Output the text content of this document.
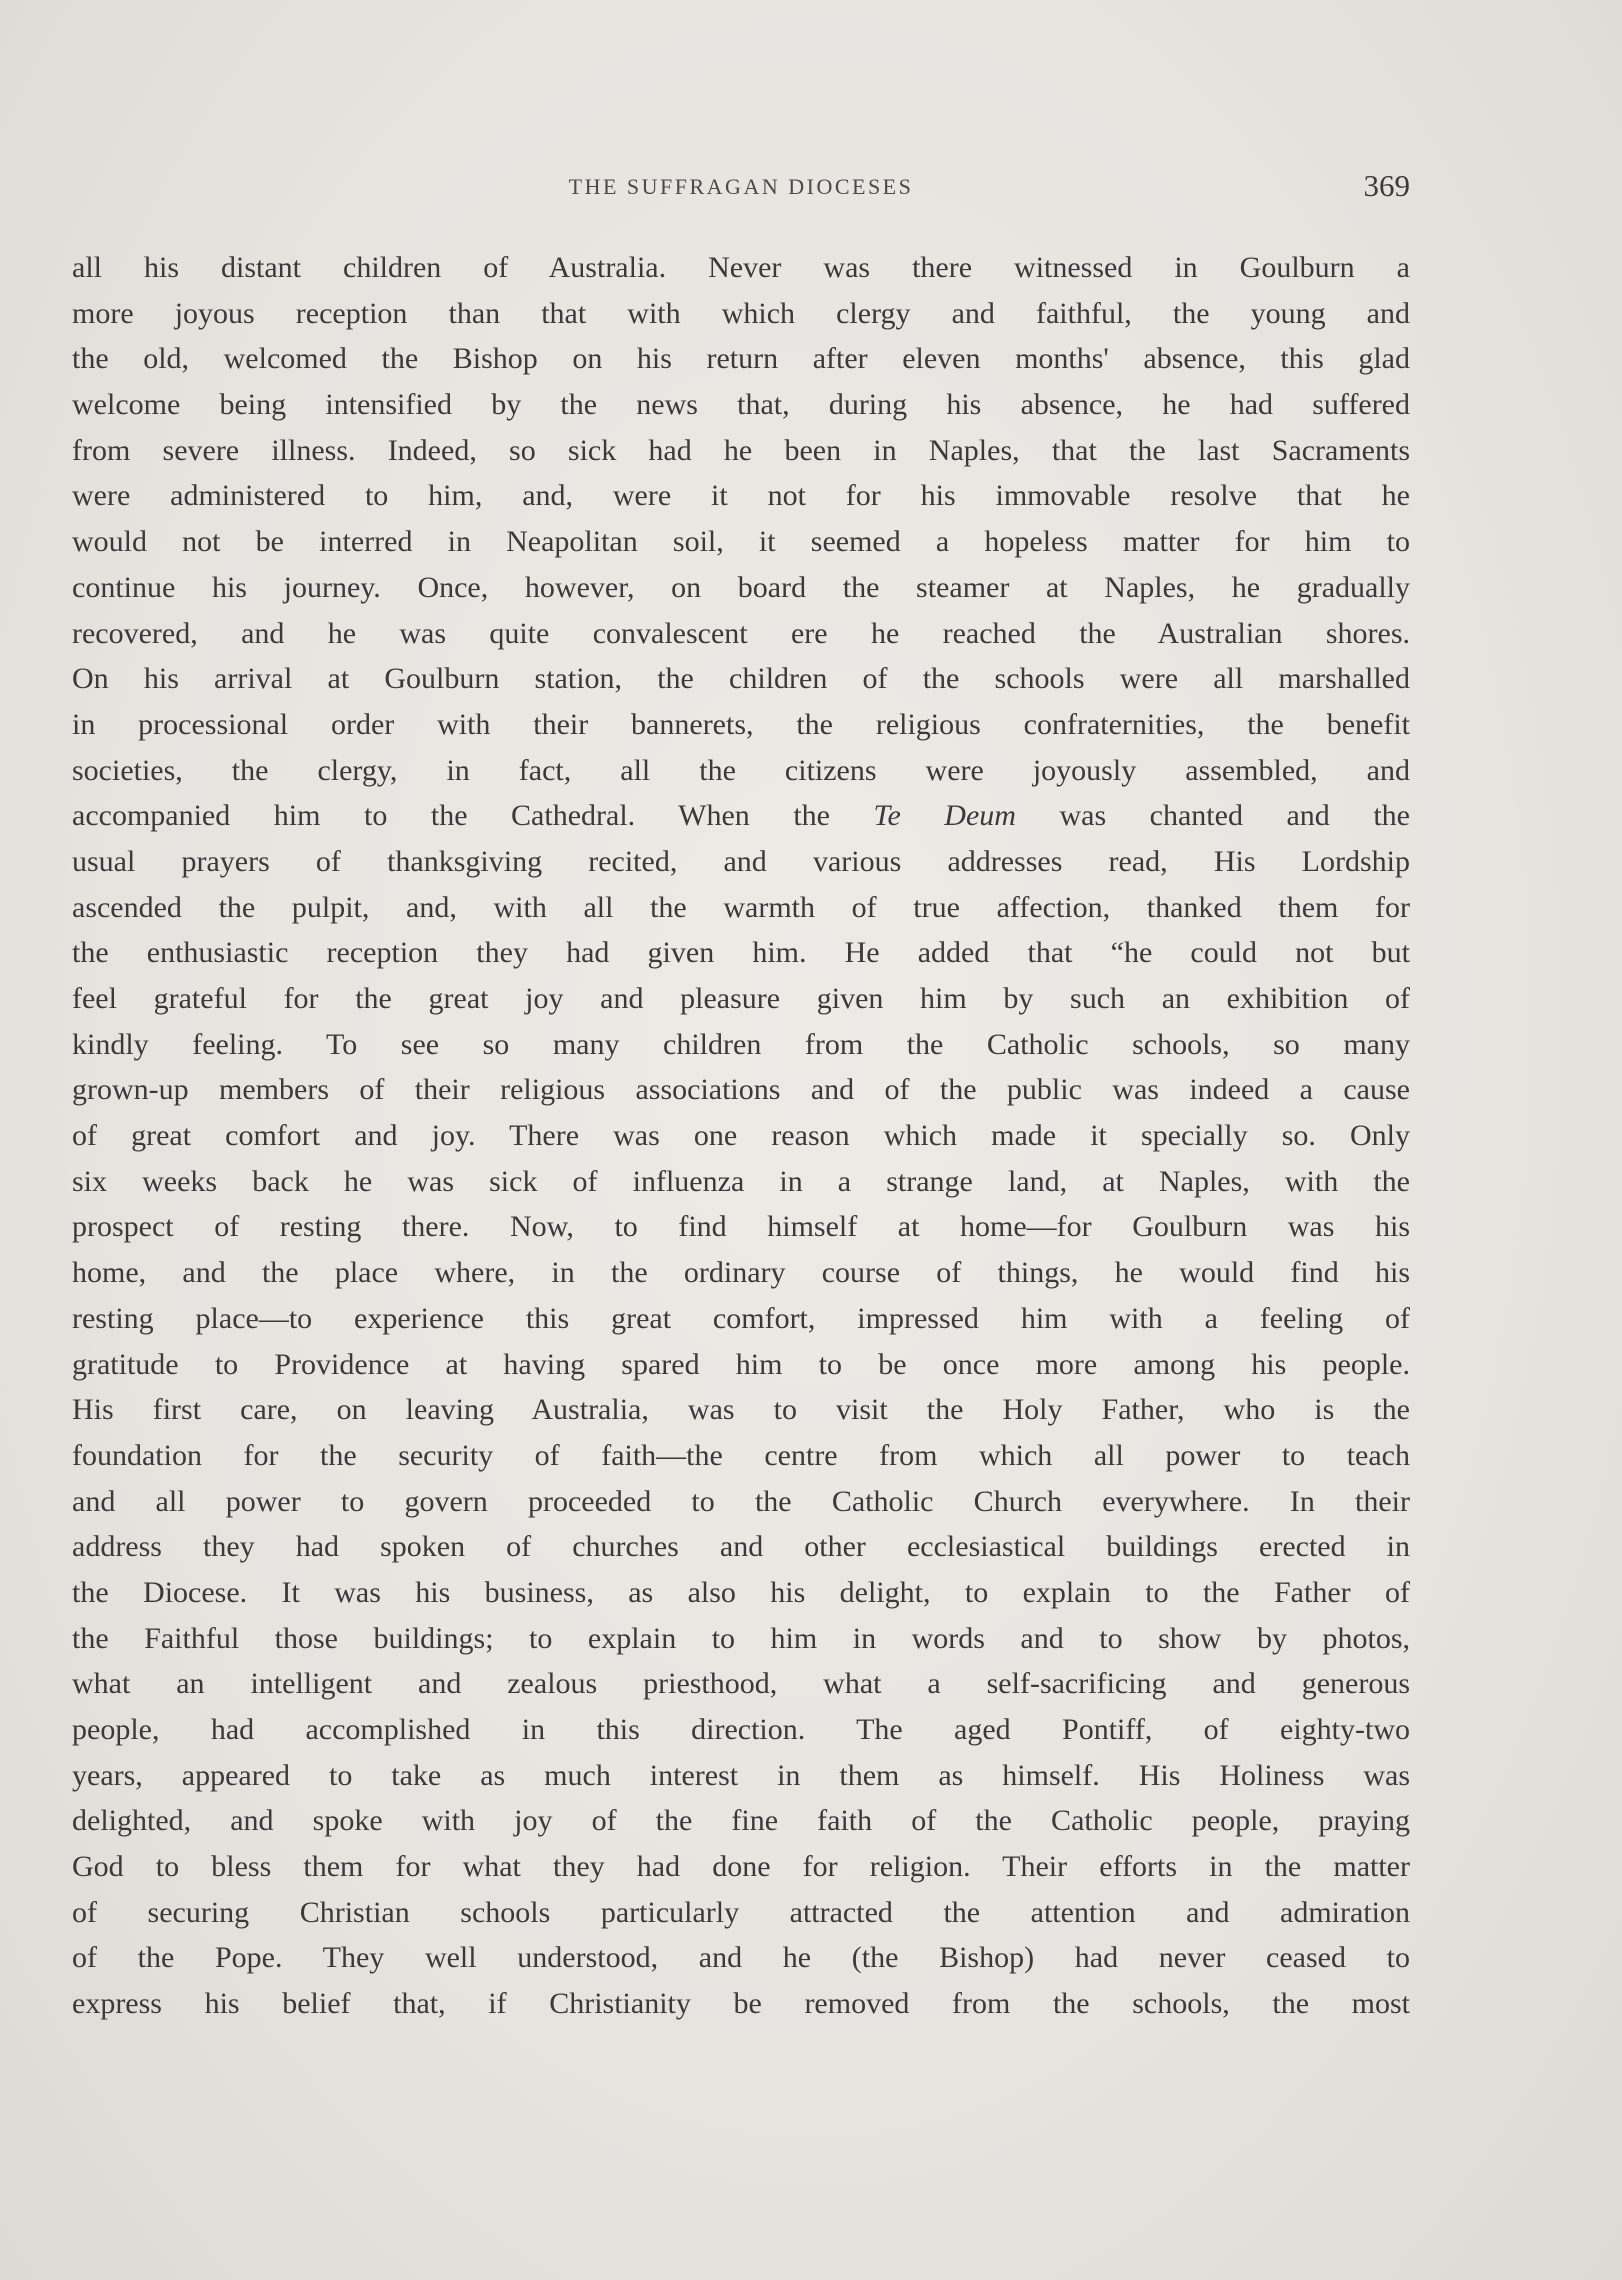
THE SUFFRAGAN DIOCESES	369
all his distant children of Australia. Never was there witnessed in Goulburn a
more joyous reception than that with which clergy and faithful, the young and
the old, welcomed the Bishop on his return after eleven months' absence, this glad
welcome being intensified by the news that, during his absence, he had suffered
from severe illness. Indeed, so sick had he been in Naples, that the last Sacraments
were administered to him, and, were it not for his immovable resolve that he
would not be interred in Neapolitan soil, it seemed a hopeless matter for him to
continue his journey. Once, however, on board the steamer at Naples, he gradually
recovered, and he was quite convalescent ere he reached the Australian shores.
On his arrival at Goulburn station, the children of the schools were all marshalled
in processional order with their bannerets, the religious confraternities, the benefit
societies, the clergy, in fact, all the citizens were joyously assembled, and
accompanied him to the Cathedral. When the Te Deum was chanted and the
usual prayers of thanksgiving recited, and various addresses read, His Lordship
ascended the pulpit, and, with all the warmth of true affection, thanked them for
the enthusiastic reception they had given him. He added that “he could not but
feel grateful for the great joy and pleasure given him by such an exhibition of
kindly feeling. To see so many children from the Catholic schools, so many
grown-up members of their religious associations and of the public was indeed a cause
of great comfort and joy. There was one reason which made it specially so. Only
six weeks back he was sick of influenza in a strange land, at Naples, with the
prospect of resting there. Now, to find himself at home—for Goulburn was his
home, and the place where, in the ordinary course of things, he would find his
resting place—to experience this great comfort, impressed him with a feeling of
gratitude to Providence at having spared him to be once more among his people.
His first care, on leaving Australia, was to visit the Holy Father, who is the
foundation for the security of faith—the centre from which all power to teach
and all power to govern proceeded to the Catholic Church everywhere. In their
address they had spoken of churches and other ecclesiastical buildings erected in
the Diocese. It was his business, as also his delight, to explain to the Father of
the Faithful those buildings; to explain to him in words and to show by photos,
what an intelligent and zealous priesthood, what a self-sacrificing and generous
people, had accomplished in this direction. The aged Pontiff, of eighty-two
years, appeared to take as much interest in them as himself. His Holiness was
delighted, and spoke with joy of the fine faith of the Catholic people, praying
God to bless them for what they had done for religion. Their efforts in the matter
of securing Christian schools particularly attracted the attention and admiration
of the Pope. They well understood, and he (the Bishop) had never ceased to
express his belief that, if Christianity be removed from the schools, the most
